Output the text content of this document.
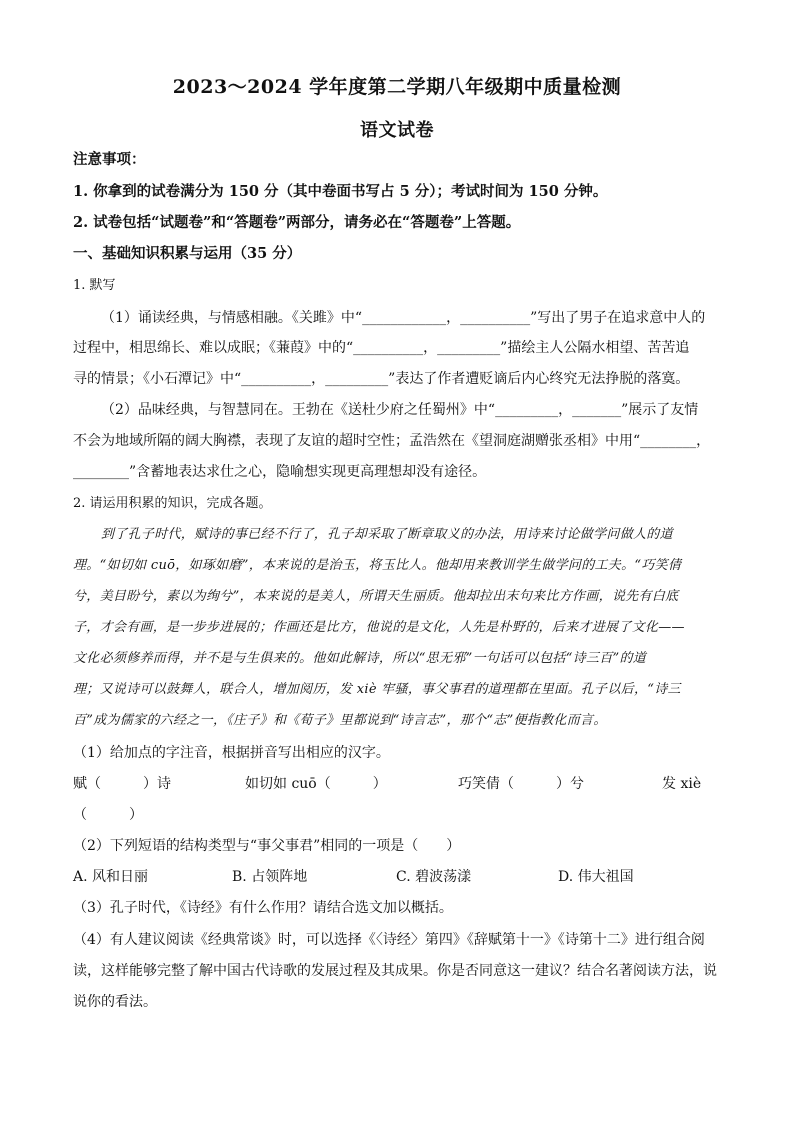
2023～2024 学年度第二学期八年级期中质量检测
语文试卷
注意事项：
1. 你拿到的试卷满分为 150 分（其中卷面书写占 5 分）；考试时间为 150 分钟。
2. 试卷包括“试题卷”和“答题卷”两部分，请务必在“答题卷”上答题。
一、基础知识积累与运用（35 分）
1. 默写
（1）诵读经典，与情感相融。《关雎》中“____________，__________”写出了男子在追求意中人的
过程中，相思绵长、难以成眠；《蒹葭》中的“__________，_________”描绘主人公隔水相望、苦苦追
寻的情景；《小石潭记》中“__________，_________”表达了作者遭贬谪后内心终究无法挣脱的落寞。
（2）品味经典，与智慧同在。王勃在《送杜少府之任蜀州》中“_________，_______”展示了友情
不会为地域所隔的阔大胸襟，表现了友谊的超时空性；孟浩然在《望洞庭湖赠张丞相》中用“________，
________”含蓄地表达求仕之心，隐喻想实现更高理想却没有途径。
2. 请运用积累的知识，完成各题。
到了孔子时代，赋诗的事已经不行了，孔子却采取了断章取义的办法，用诗来讨论做学问做人的道
理。“如切如 cuō，如琢如磨”，本来说的是治玉，将玉比人。他却用来教训学生做学问的工夫。“巧笑倩
兮，美目盼兮，素以为绚兮”，本来说的是美人，所谓天生丽质。他却拉出末句来比方作画，说先有白底
子，才会有画，是一步步进展的；作画还是比方，他说的是文化，人先是朴野的，后来才进展了文化——
文化必须修养而得，并不是与生俱来的。他如此解诗，所以“思无邪”一句话可以包括“诗三百”的道
理；又说诗可以鼓舞人，联合人，增加阅历，发 xiè 牢骚，事父事君的道理都在里面。孔子以后，“诗三
百”成为儒家的六经之一，《庄子》和《荀子》里都说到“诗言志”，那个“志”便指教化而言。
（1）给加点的字注音，根据拼音写出相应的汉字。
赋（　　　）诗	如切如 cuō（　　　）	巧笑倩（　　　）兮	发 xiè
（　　　）
（2）下列短语的结构类型与“事父事君”相同的一项是（　　）
A. 风和日丽	B. 占领阵地	C. 碧波荡漾	D. 伟大祖国
（3）孔子时代，《诗经》有什么作用？请结合选文加以概括。
（4）有人建议阅读《经典常谈》时，可以选择《〈诗经〉第四》《辞赋第十一》《诗第十二》进行组合阅
读，这样能够完整了解中国古代诗歌的发展过程及其成果。你是否同意这一建议？结合名著阅读方法，说
说你的看法。
